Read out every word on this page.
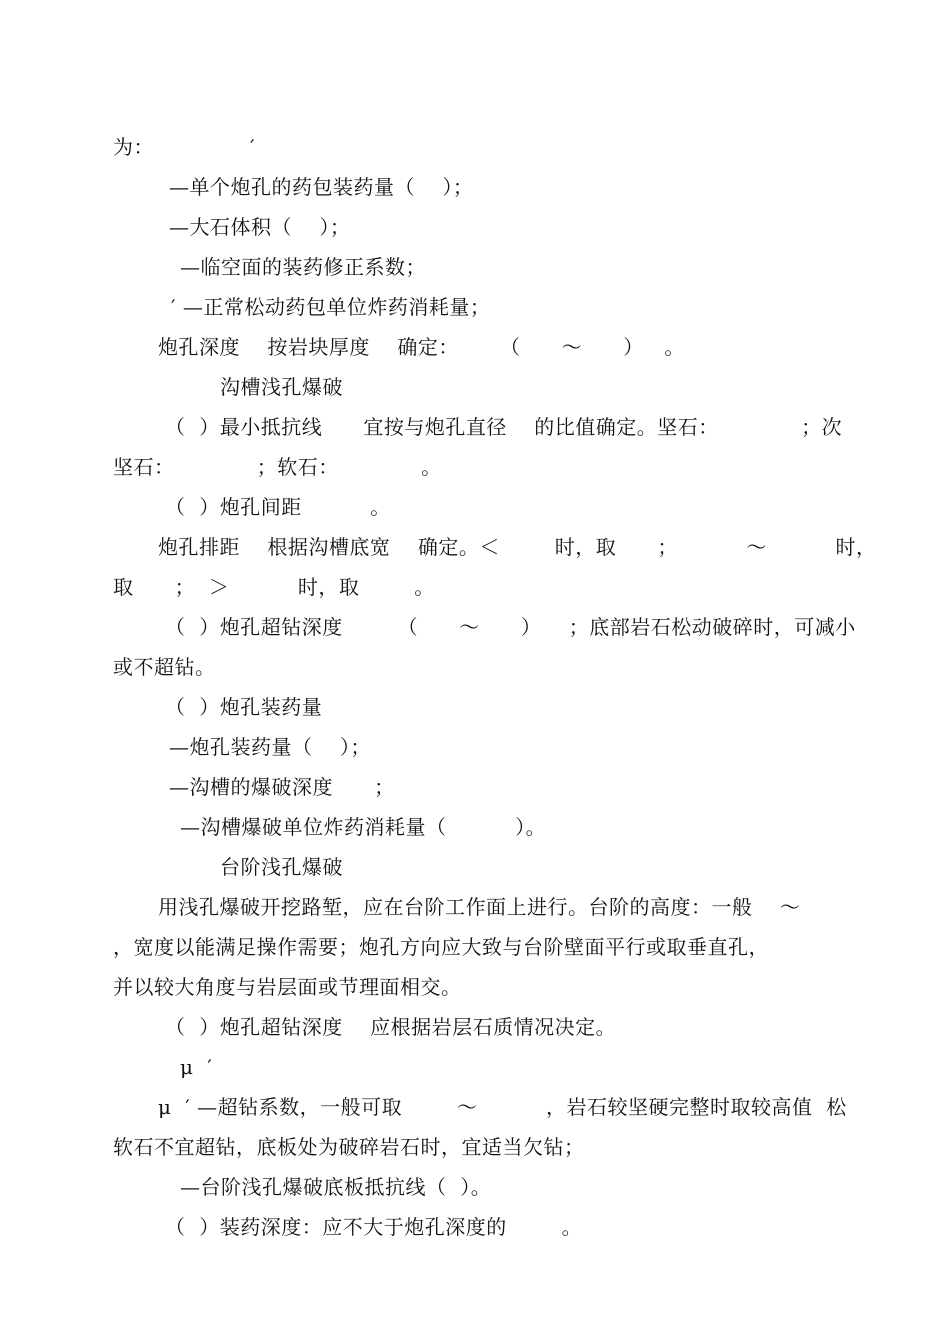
为：              ′
—单个炮孔的药包装药量（    ）；
—大石体积（    ）；
—临空面的装药修正系数；
′ —正常松动药包单位炸药消耗量；
炮孔深度    按岩块厚度    确定：      （      ～      ）   。
沟槽浅孔爆破
（  ）最小抵抗线      宜按与炮孔直径    的比值确定。坚石：            ；次
坚石：            ；软石：            。
（  ）炮孔间距          。
炮孔排距    根据沟槽底宽    确定。＜        时，取      ；          ～          时，
取      ；  ＞          时，取        。
（  ）炮孔超钻深度        （      ～      ）    ；底部岩石松动破碎时，可减小
或不超钻。
（  ）炮孔装药量
—炮孔装药量（    ）；
—沟槽的爆破深度      ；
—沟槽爆破单位炸药消耗量（          ）。
台阶浅孔爆破
用浅孔爆破开挖路堑，应在台阶工作面上进行。台阶的高度：一般    ～
，宽度以能满足操作需要；炮孔方向应大致与台阶壁面平行或取垂直孔，
并以较大角度与岩层面或节理面相交。
（  ）炮孔超钻深度    应根据岩层石质情况决定。
μ  ′
μ  ′ —超钻系数，一般可取        ～          ，岩石较坚硬完整时取较高值  松
软石不宜超钻，底板处为破碎岩石时，宜适当欠钻；
—台阶浅孔爆破底板抵抗线（  ）。
（  ）装药深度：应不大于炮孔深度的        。
